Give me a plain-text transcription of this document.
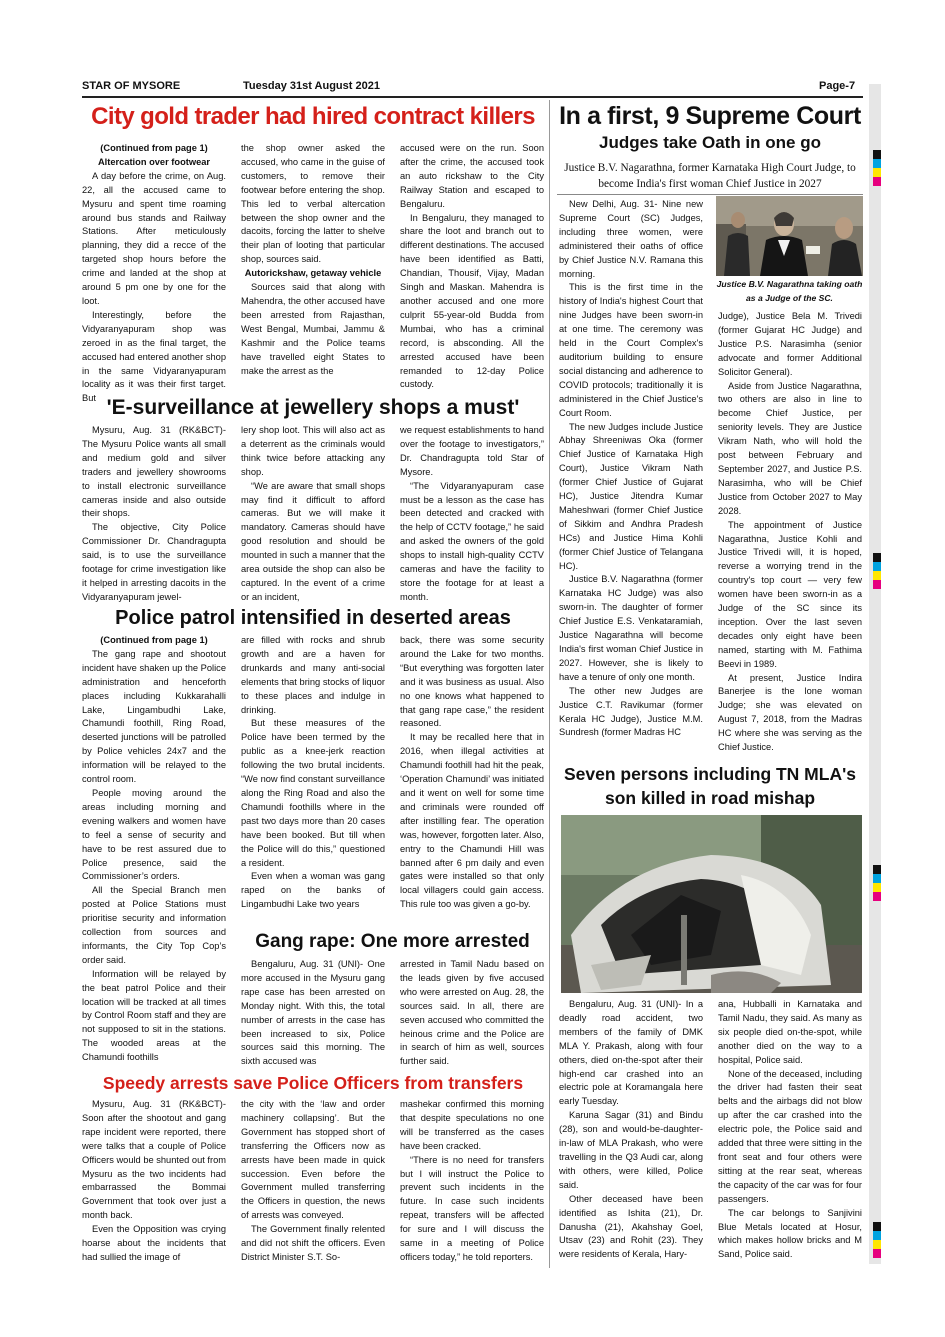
STAR OF MYSORE	Tuesday 31st August 2021	Page-7
City gold trader had hired contract killers

(Continued from page 1)

Altercation over footwear

A day before the crime, on Aug. 22, all the accused came to Mysuru and spent time roaming around bus stands and Railway Stations. After meticulously planning, they did a recce of the targeted shop hours before the crime and landed at the shop at around 5 pm one by one for the loot.

Interestingly, before the Vidyaranyapuram shop was zeroed in as the final target, the accused had entered another shop in the same Vidyaranyapuram locality as it was their first target. But

the shop owner asked the accused, who came in the guise of customers, to remove their footwear before entering the shop. This led to verbal altercation between the shop owner and the dacoits, forcing the latter to shelve their plan of looting that particular shop, sources said.

Autorickshaw, getaway vehicle

Sources said that along with Mahendra, the other accused have been arrested from Rajasthan, West Bengal, Mumbai, Jammu & Kashmir and the Police teams have travelled eight States to make the arrest as the

accused were on the run. Soon after the crime, the accused took an auto rickshaw to the City Railway Station and escaped to Bengaluru.

In Bengaluru, they managed to share the loot and branch out to different destinations. The accused have been identified as Batti, Chandian, Thousif, Vijay, Madan Singh and Maskan. Mahendra is another accused and one more culprit 55-year-old Budda from Mumbai, who has a criminal record, is absconding. All the arrested accused have been remanded to 12-day Police custody.

'E-surveillance at jewellery shops a must'

Mysuru, Aug. 31 (RK&BCT)- The Mysuru Police wants all small and medium gold and silver traders and jewellery showrooms to install electronic surveillance cameras inside and also outside their shops.

The objective, City Police Commissioner Dr. Chandragupta said, is to use the surveillance footage for crime investigation like it helped in arresting dacoits in the Vidyaranyapuram jewel-

lery shop loot. This will also act as a deterrent as the criminals would think twice before attacking any shop.

“We are aware that small shops may find it difficult to afford cameras. But we will make it mandatory. Cameras should have good resolution and should be mounted in such a manner that the area outside the shop can also be captured. In the event of a crime or an incident,

we request establishments to hand over the footage to investigators,” Dr. Chandragupta told Star of Mysore.

“The Vidyaranyapuram case must be a lesson as the case has been detected and cracked with the help of CCTV footage,” he said and asked the owners of the gold shops to install high-quality CCTV cameras and have the facility to store the footage for at least a month.

Police patrol intensified in deserted areas

(Continued from page 1)

The gang rape and shootout incident have shaken up the Police administration and henceforth places including Kukkarahalli Lake, Lingambudhi Lake, Chamundi foothill, Ring Road, deserted junctions will be patrolled by Police vehicles 24x7 and the information will be relayed to the control room.

People moving around the areas including morning and evening walkers and women have to feel a sense of security and have to be rest assured due to Police presence, said the Commissioner’s orders.

All the Special Branch men posted at Police Stations must prioritise security and information collection from sources and informants, the City Top Cop’s order said.

Information will be relayed by the beat patrol Police and their location will be tracked at all times by Control Room staff and they are not supposed to sit in the stations. The wooded areas at the Chamundi foothills

are filled with rocks and shrub growth and are a haven for drunkards and many anti-social elements that bring stocks of liquor to these places and indulge in drinking.

But these measures of the Police have been termed by the public as a knee-jerk reaction following the two brutal incidents. “We now find constant surveillance along the Ring Road and also the Chamundi foothills where in the past two days more than 20 cases have been booked. But till when the Police will do this,” questioned a resident.

Even when a woman was gang raped on the banks of Lingambudhi Lake two years

back, there was some security around the Lake for two months. “But everything was forgotten later and it was business as usual. Also no one knows what happened to that gang rape case,” the resident reasoned.

It may be recalled here that in 2016, when illegal activities at Chamundi foothill had hit the peak, ‘Operation Chamundi’ was initiated and it went on well for some time and criminals were rounded off after instilling fear. The operation was, however, forgotten later. Also, entry to the Chamundi Hill was banned after 6 pm daily and even gates were installed so that only local villagers could gain access. This rule too was given a go-by.

Gang rape: One more arrested

Bengaluru, Aug. 31 (UNI)- One more accused in the Mysuru gang rape case has been arrested on Monday night. With this, the total number of arrests in the case has been increased to six, Police sources said this morning. The sixth accused was

arrested in Tamil Nadu based on the leads given by five accused who were arrested on Aug. 28, the sources said. In all, there are seven accused who committed the heinous crime and the Police are in search of him as well, sources further said.

Speedy arrests save Police Officers from transfers

Mysuru, Aug. 31 (RK&BCT)- Soon after the shootout and gang rape incident were reported, there were talks that a couple of Police Officers would be shunted out from Mysuru as the two incidents had embarrassed the Bommai Government that took over just a month back.

Even the Opposition was crying hoarse about the incidents that had sullied the image of

the city with the ‘law and order machinery collapsing’. But the Government has stopped short of transferring the Officers now as arrests have been made in quick succession. Even before the Government mulled transferring the Officers in question, the news of arrests was conveyed.

The Government finally relented and did not shift the officers. Even District Minister S.T. So-

mashekar confirmed this morning that despite speculations no one will be transferred as the cases have been cracked.

“There is no need for transfers but I will instruct the Police to prevent such incidents in the future. In case such incidents repeat, transfers will be affected for sure and I will discuss the same in a meeting of Police officers today,” he told reporters.

In a first, 9 Supreme Court
Judges take Oath in one go
Justice B.V. Nagarathna, former Karnataka High Court Judge, to become India's first woman Chief Justice in 2027
Justice B.V. Nagarathna taking oath as a Judge of the SC.

New Delhi, Aug. 31- Nine new Supreme Court (SC) Judges, including three women, were administered their oaths of office by Chief Justice N.V. Ramana this morning.

This is the first time in the history of India's highest Court that nine Judges have been sworn-in at one time. The ceremony was held in the Court Complex's auditorium building to ensure social distancing and adherence to COVID protocols; traditionally it is administered in the Chief Justice's Court Room.

The new Judges include Justice Abhay Shreeniwas Oka (former Chief Justice of Karnataka High Court), Justice Vikram Nath (former Chief Justice of Gujarat HC), Justice Jitendra Kumar Maheshwari (former Chief Justice of Sikkim and Andhra Pradesh HCs) and Justice Hima Kohli (former Chief Justice of Telangana HC).

Justice B.V. Nagarathna (former Karnataka HC Judge) was also sworn-in. The daughter of former Chief Justice E.S. Venkataramiah, Justice Nagarathna will become India's first woman Chief Justice in 2027. However, she is likely to have a tenure of only one month.

The other new Judges are Justice C.T. Ravikumar (former Kerala HC Judge), Justice M.M. Sundresh (former Madras HC

Judge), Justice Bela M. Trivedi (former Gujarat HC Judge) and Justice P.S. Narasimha (senior advocate and former Additional Solicitor General).

Aside from Justice Nagarathna, two others are also in line to become Chief Justice, per seniority levels. They are Justice Vikram Nath, who will hold the post between February and September 2027, and Justice P.S. Narasimha, who will be Chief Justice from October 2027 to May 2028.

The appointment of Justice Nagarathna, Justice Kohli and Justice Trivedi will, it is hoped, reverse a worrying trend in the country's top court — very few women have been sworn-in as a Judge of the SC since its inception. Over the last seven decades only eight have been named, starting with M. Fathima Beevi in 1989.

At present, Justice Indira Banerjee is the lone woman Judge; she was elevated on August 7, 2018, from the Madras HC where she was serving as the Chief Justice.

Seven persons including TN MLA's
son killed in road mishap

Bengaluru, Aug. 31 (UNI)- In a deadly road accident, two members of the family of DMK MLA Y. Prakash, along with four others, died on-the-spot after their high-end car crashed into an electric pole at Koramangala here early Tuesday.

Karuna Sagar (31) and Bindu (28), son and would-be-daughter-in-law of MLA Prakash, who were travelling in the Q3 Audi car, along with others, were killed, Police said.

Other deceased have been identified as Ishita (21), Dr. Danusha (21), Akahshay Goel, Utsav (23) and Rohit (23). They were residents of Kerala, Hary-

ana, Hubballi in Karnataka and Tamil Nadu, they said. As many as six people died on-the-spot, while another died on the way to a hospital, Police said.

None of the deceased, including the driver had fasten their seat belts and the airbags did not blow up after the car crashed into the electric pole, the Police said and added that three were sitting in the front seat and four others were sitting at the rear seat, whereas the capacity of the car was for four passengers.

The car belongs to Sanjivini Blue Metals located at Hosur, which makes hollow bricks and M Sand, Police said.
